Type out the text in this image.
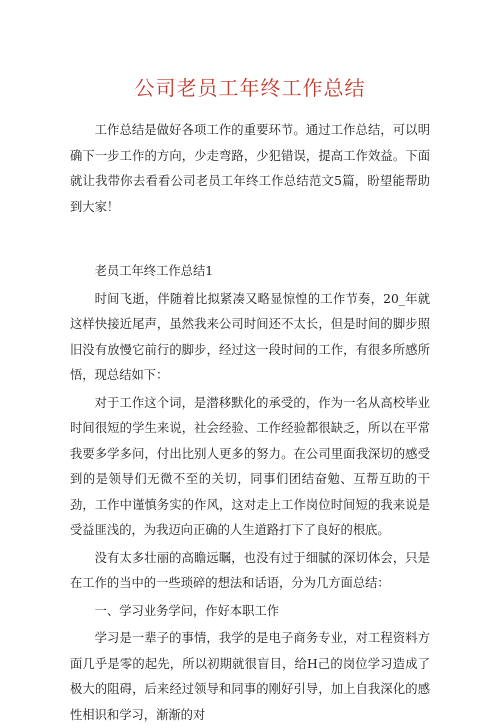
公司老员工年终工作总结

工作总结是做好各项工作的重要环节。通过工作总结，可以明确下一步工作的方向，少走弯路，少犯错误，提高工作效益。下面就让我带你去看看公司老员工年终工作总结范文5篇，盼望能帮助到大家！

老员工年终工作总结1

时间飞逝，伴随着比拟紧凑又略显惊惶的工作节奏，20_年就这样快接近尾声，虽然我来公司时间还不太长，但是时间的脚步照旧没有放慢它前行的脚步，经过这一段时间的工作，有很多所感所悟，现总结如下：

对于工作这个词，是潜移默化的承受的，作为一名从高校毕业时间很短的学生来说，社会经验、工作经验都很缺乏，所以在平常我要多学多问，付出比别人更多的努力。在公司里面我深切的感受到的是领导们无微不至的关切，同事们团结奋勉、互帮互助的干劲，工作中谨慎务实的作风，这对走上工作岗位时间短的我来说是受益匪浅的，为我迈向正确的人生道路打下了良好的根底。

没有太多壮丽的高瞻远瞩，也没有过于细腻的深切体会，只是在工作的当中的一些琐碎的想法和话语，分为几方面总结：

一、学习业务学问，作好本职工作

学习是一辈子的事情，我学的是电子商务专业，对工程资料方面几乎是零的起先，所以初期就很盲目，给H己的岗位学习造成了极大的阻碍，后来经过领导和同事的刚好引导，加上自我深化的感性相识和学习，渐渐的对
